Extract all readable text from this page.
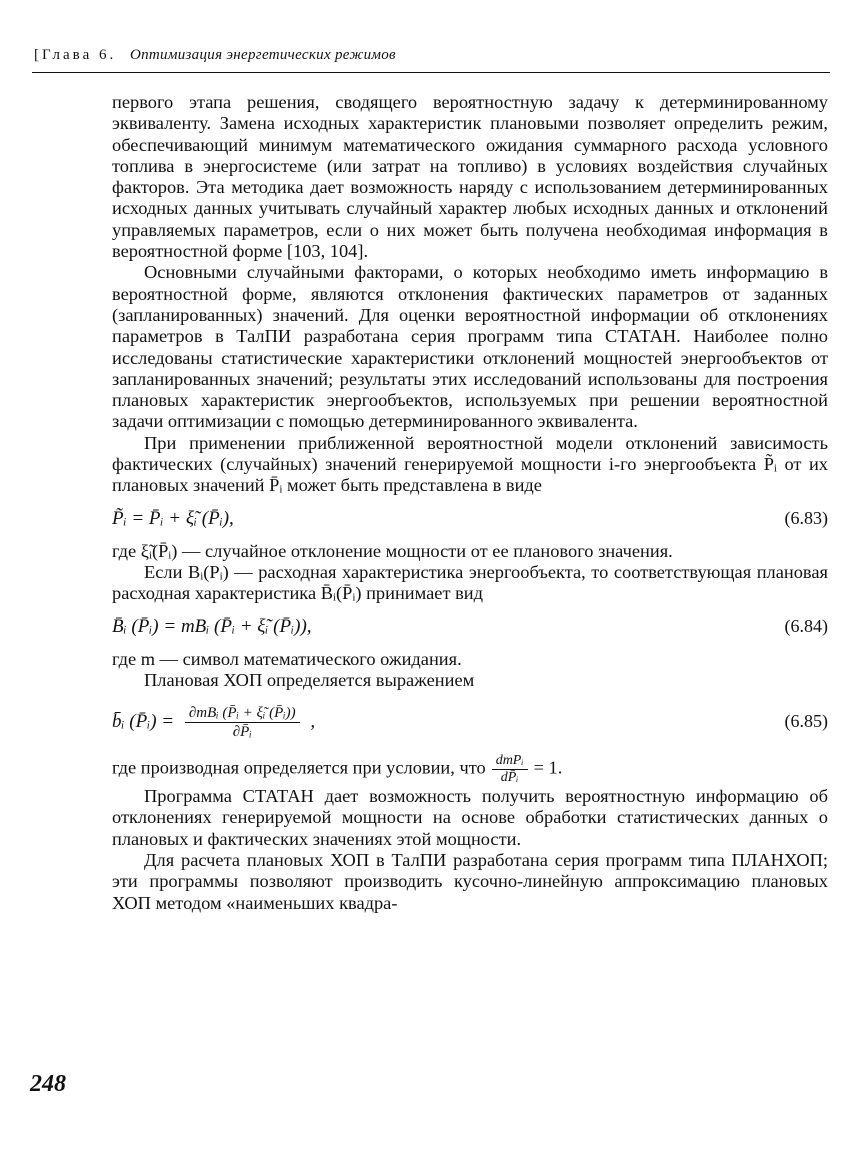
[Глава 6. Оптимизация энергетических режимов

первого этапа решения, сводящего вероятностную задачу к детерминированному эквиваленту. Замена исходных характеристик плановыми позволяет определить режим, обеспечивающий минимум математического ожидания суммарного расхода условного топлива в энергосистеме (или затрат на топливо) в условиях воздействия случайных факторов. Эта методика дает возможность наряду с использованием детерминированных исходных данных учитывать случайный характер любых исходных данных и отклонений управляемых параметров, если о них может быть получена необходимая информация в вероятностной форме [103, 104].

Основными случайными факторами, о которых необходимо иметь информацию в вероятностной форме, являются отклонения фактических параметров от заданных (запланированных) значений. Для оценки вероятностной информации об отклонениях параметров в ТалПИ разработана серия программ типа СТАТАН. Наиболее полно исследованы статистические характеристики отклонений мощностей энергообъектов от запланированных значений; результаты этих исследований использованы для построения плановых характеристик энергообъектов, используемых при решении вероятностной задачи оптимизации с помощью детерминированного эквивалента.

При применении приближенной вероятностной модели отклонений зависимость фактических (случайных) значений генерируемой мощности i-го энергообъекта P̃ᵢ от их плановых значений P̄ᵢ может быть представлена в виде

P̃ᵢ = P̄ᵢ + ξ̃ᵢ (P̄ᵢ),	(6.83)

где ξ̃ᵢ(P̄ᵢ) — случайное отклонение мощности от ее планового значения.

Если Bᵢ(Pᵢ) — расходная характеристика энергообъекта, то соответствующая плановая расходная характеристика B̄ᵢ(P̄ᵢ) принимает вид

B̄ᵢ (P̄ᵢ) = mBᵢ (P̄ᵢ + ξ̃ᵢ (P̄ᵢ)),	(6.84)

где m — символ математического ожидания.

Плановая ХОП определяется выражением

b̄ᵢ (P̄ᵢ) = $\frac{\text{∂mBᵢ (P̄ᵢ + ξ̃ᵢ (P̄ᵢ))}}{\text{∂P̄ᵢ}}$ ,	(6.85)

где производная определяется при условии, что $\frac{\text{dmPᵢ}}{\text{dP̄ᵢ}} = 1$.

Программа СТАТАН дает возможность получить вероятностную информацию об отклонениях генерируемой мощности на основе обработки статистических данных о плановых и фактических значениях этой мощности.

Для расчета плановых ХОП в ТалПИ разработана серия программ типа ПЛАНХОП; эти программы позволяют производить кусочно-линейную аппроксимацию плановых ХОП методом «наименьших квадра-

248
